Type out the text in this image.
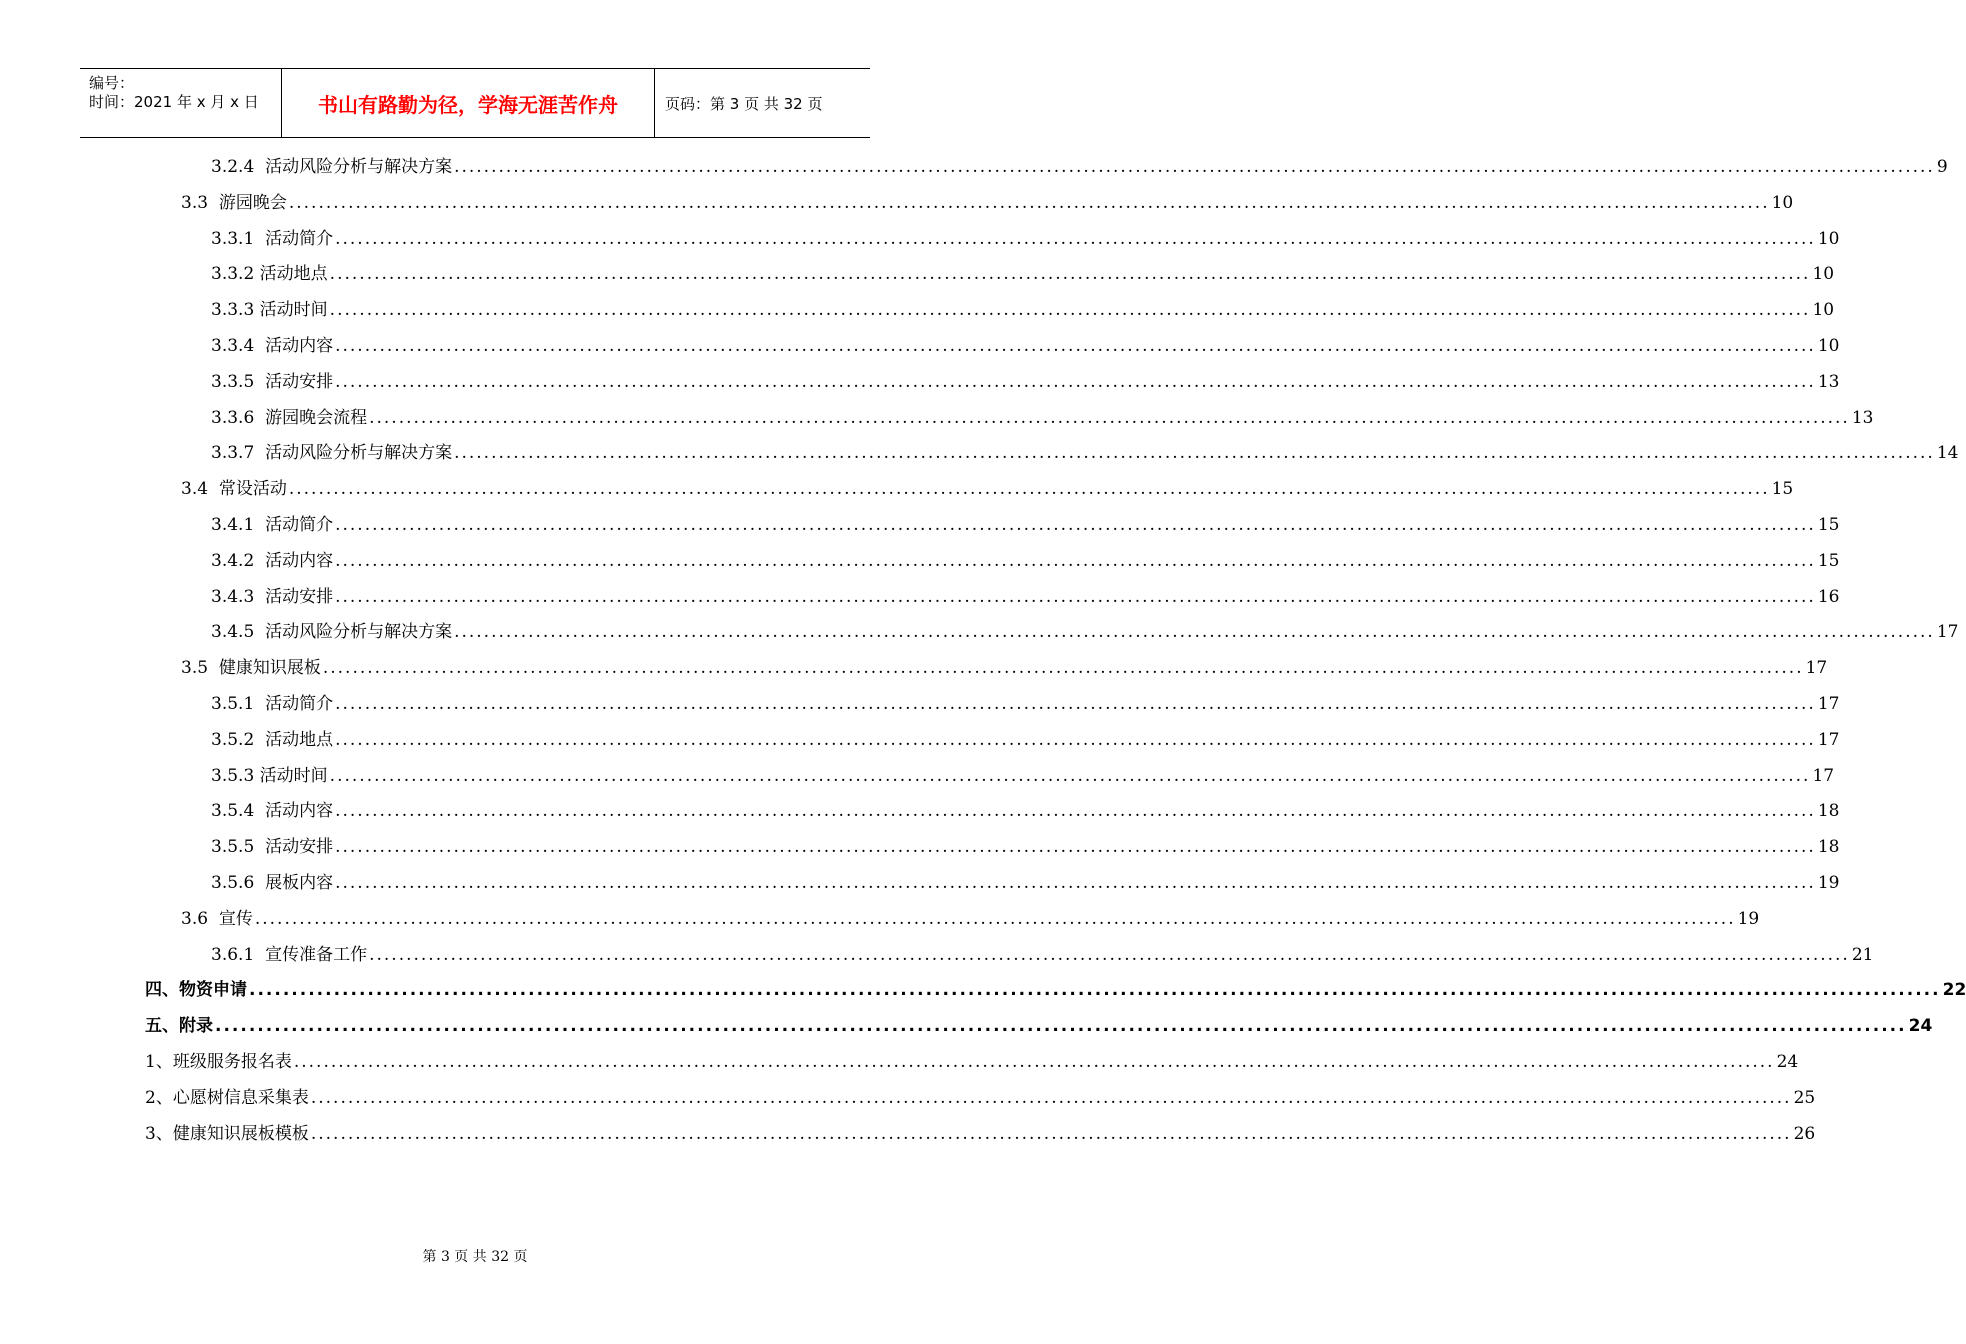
编号：
时间：2021 年 x 月 x 日	书山有路勤为径，学海无涯苦作舟	页码：第 3 页 共 32 页
3.2.4  活动风险分析与解决方案 ........................................................................................................................................................................................................ 9
3.3  游园晚会 ........................................................................................................................................................................................................ 10
3.3.1  活动简介 ........................................................................................................................................................................................................ 10
3.3.2 活动地点 ........................................................................................................................................................................................................ 10
3.3.3 活动时间 ........................................................................................................................................................................................................ 10
3.3.4  活动内容 ........................................................................................................................................................................................................ 10
3.3.5  活动安排 ........................................................................................................................................................................................................ 13
3.3.6  游园晚会流程 ........................................................................................................................................................................................................ 13
3.3.7  活动风险分析与解决方案 ........................................................................................................................................................................................................ 14
3.4  常设活动 ........................................................................................................................................................................................................ 15
3.4.1  活动简介 ........................................................................................................................................................................................................ 15
3.4.2  活动内容 ........................................................................................................................................................................................................ 15
3.4.3  活动安排 ........................................................................................................................................................................................................ 16
3.4.5  活动风险分析与解决方案 ........................................................................................................................................................................................................ 17
3.5  健康知识展板 ........................................................................................................................................................................................................ 17
3.5.1  活动简介 ........................................................................................................................................................................................................ 17
3.5.2  活动地点 ........................................................................................................................................................................................................ 17
3.5.3 活动时间 ........................................................................................................................................................................................................ 17
3.5.4  活动内容 ........................................................................................................................................................................................................ 18
3.5.5  活动安排 ........................................................................................................................................................................................................ 18
3.5.6  展板内容 ........................................................................................................................................................................................................ 19
3.6  宣传 ........................................................................................................................................................................................................ 19
3.6.1  宣传准备工作 ........................................................................................................................................................................................................ 21
四、物资申请 ........................................................................................................................................................................................................ 22
五、附录 ........................................................................................................................................................................................................ 24
1、班级服务报名表 ........................................................................................................................................................................................................ 24
2、心愿树信息采集表 ........................................................................................................................................................................................................ 25
3、健康知识展板模板 ........................................................................................................................................................................................................ 26
第 3 页 共 32 页
